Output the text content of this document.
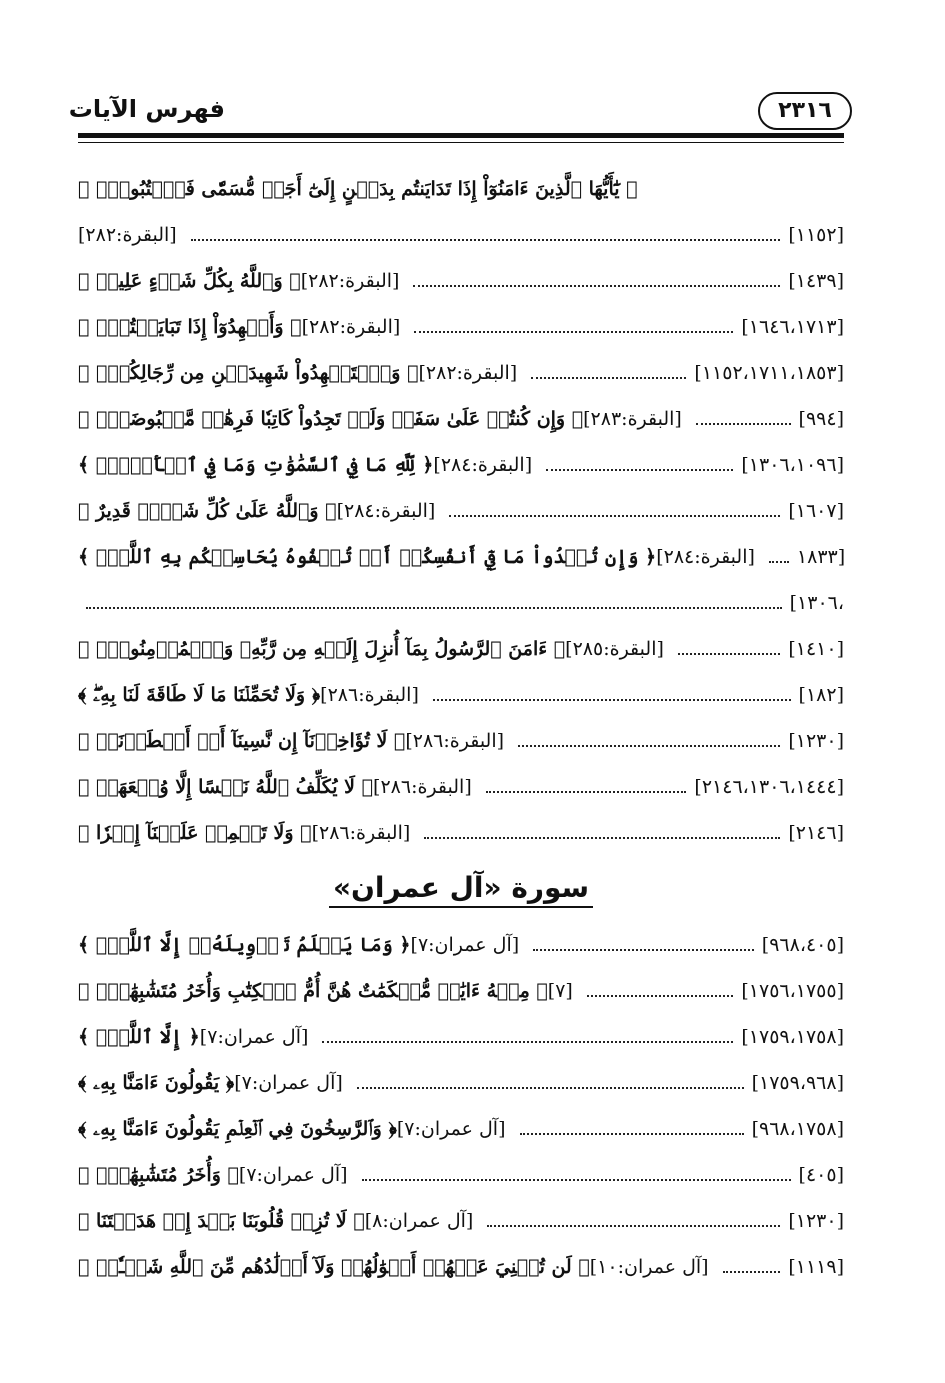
فهرس الآيات	٢٣١٦
﴿ يَٰٓأَيُّهَا ٱلَّذِينَ ءَامَنُوٓاْ إِذَا تَدَايَنتُم بِدَيۡنٍ إِلَىٰٓ أَجَلٖ مُّسَمّٗى فَٱكۡتُبُوهُۚ ﴾
[البقرة:٢٨٢]	[١١٥٢]
﴿ وَٱللَّهُ بِكُلِّ شَيۡءٍ عَلِيمٞ ﴾ [البقرة:٢٨٢]	[١٤٣٩]
﴿ وَأَشۡهِدُوٓاْ إِذَا تَبَايَعۡتُمۡۚ ﴾ [البقرة:٢٨٢]	[١٦٤٦،١٧١٣]
﴿ وَٱسۡتَشۡهِدُواْ شَهِيدَيۡنِ مِن رِّجَالِكُمۡۖ ﴾ [البقرة:٢٨٢]	[١١٥٢،١٧١١،١٨٥٣]
﴿ وَإِن كُنتُمۡ عَلَىٰ سَفَرٖ وَلَمۡ تَجِدُواْ كَاتِبٗا فَرِهَٰنٞ مَّقۡبُوضَةٞۖ ﴾ [البقرة:٢٨٣]	[٩٩٤]
﴿ لِّلَّهِ مَا فِي ٱلسَّمَٰوَٰتِ وَمَا فِي ٱلۡأَرۡضِۗ ﴾ [البقرة:٢٨٤]	[١٣٠٦،١٠٩٦]
﴿ وَٱللَّهُ عَلَىٰ كُلِّ شَيۡءٖ قَدِيرٌ ﴾ [البقرة:٢٨٤]	[١٦٠٧]
﴿ وَإِن تُبۡدُواْ مَا فِيٓ أَنفُسِكُمۡ أَوۡ تُخۡفُوهُ يُحَاسِبۡكُم بِهِ ٱللَّهُۖ ﴾ [البقرة:٢٨٤] [١٨٣٣
،١٣٠٦]
﴿ ءَامَنَ ٱلرَّسُولُ بِمَآ أُنزِلَ إِلَيۡهِ مِن رَّبِّهِۦ وَٱلۡمُؤۡمِنُونَۚ ﴾ [البقرة:٢٨٥]	[١٤١٠]
﴿ وَلَا تُحَمِّلۡنَا مَا لَا طَاقَةَ لَنَا بِهِۦۖ ﴾ [البقرة:٢٨٦]	[١٨٢]
﴿ لَا تُؤَاخِذۡنَآ إِن نَّسِينَآ أَوۡ أَخۡطَأۡنَاۚ ﴾ [البقرة:٢٨٦]	[١٢٣٠]
﴿ لَا يُكَلِّفُ ٱللَّهُ نَفۡسًا إِلَّا وُسۡعَهَاۚ ﴾ [البقرة:٢٨٦]	[٢١٤٦،١٣٠٦،١٤٤٤]
﴿ وَلَا تَحۡمِلۡ عَلَيۡنَآ إِصۡرٗا ﴾ [البقرة:٢٨٦]	[٢١٤٦]
سورة «آل عمران»
﴿ وَمَا يَعۡلَمُ تَأۡوِيلَهُۥٓ إِلَّا ٱللَّهُۗ ﴾ [آل عمران:٧]	[٩٦٨،٤٠٥]
﴿ مِنۡهُ ءَايَٰتٞ مُّحۡكَمَٰتٌ هُنَّ أُمُّ ٱلۡكِتَٰبِ وَأُخَرُ مُتَشَٰبِهَٰتٞۖ ﴾ [٧]	[١٧٥٦،١٧٥٥]
﴿ إِلَّا ٱللَّهُۗ ﴾ [آل عمران:٧]	[١٧٥٩،١٧٥٨]
﴿ يَقُولُونَ ءَامَنَّا بِهِۦ ﴾ [آل عمران:٧]	[١٧٥٩،٩٦٨]
﴿ وَٱلرَّٰسِخُونَ فِي ٱلۡعِلۡمِ يَقُولُونَ ءَامَنَّا بِهِۦ ﴾ [آل عمران:٧]	[٩٦٨،١٧٥٨]
﴿ وَأُخَرُ مُتَشَٰبِهَٰتٞۖ ﴾ [آل عمران:٧]	[٤٠٥]
﴿ لَا تُزِغۡ قُلُوبَنَا بَعۡدَ إِذۡ هَدَيۡتَنَا ﴾ [آل عمران:٨]	[١٢٣٠]
﴿ لَن تُغۡنِيَ عَنۡهُمۡ أَمۡوَٰلُهُمۡ وَلَآ أَوۡلَٰدُهُم مِّنَ ٱللَّهِ شَيۡـٔٗاۖ ﴾ [آل عمران:١٠]	[١١١٩]
